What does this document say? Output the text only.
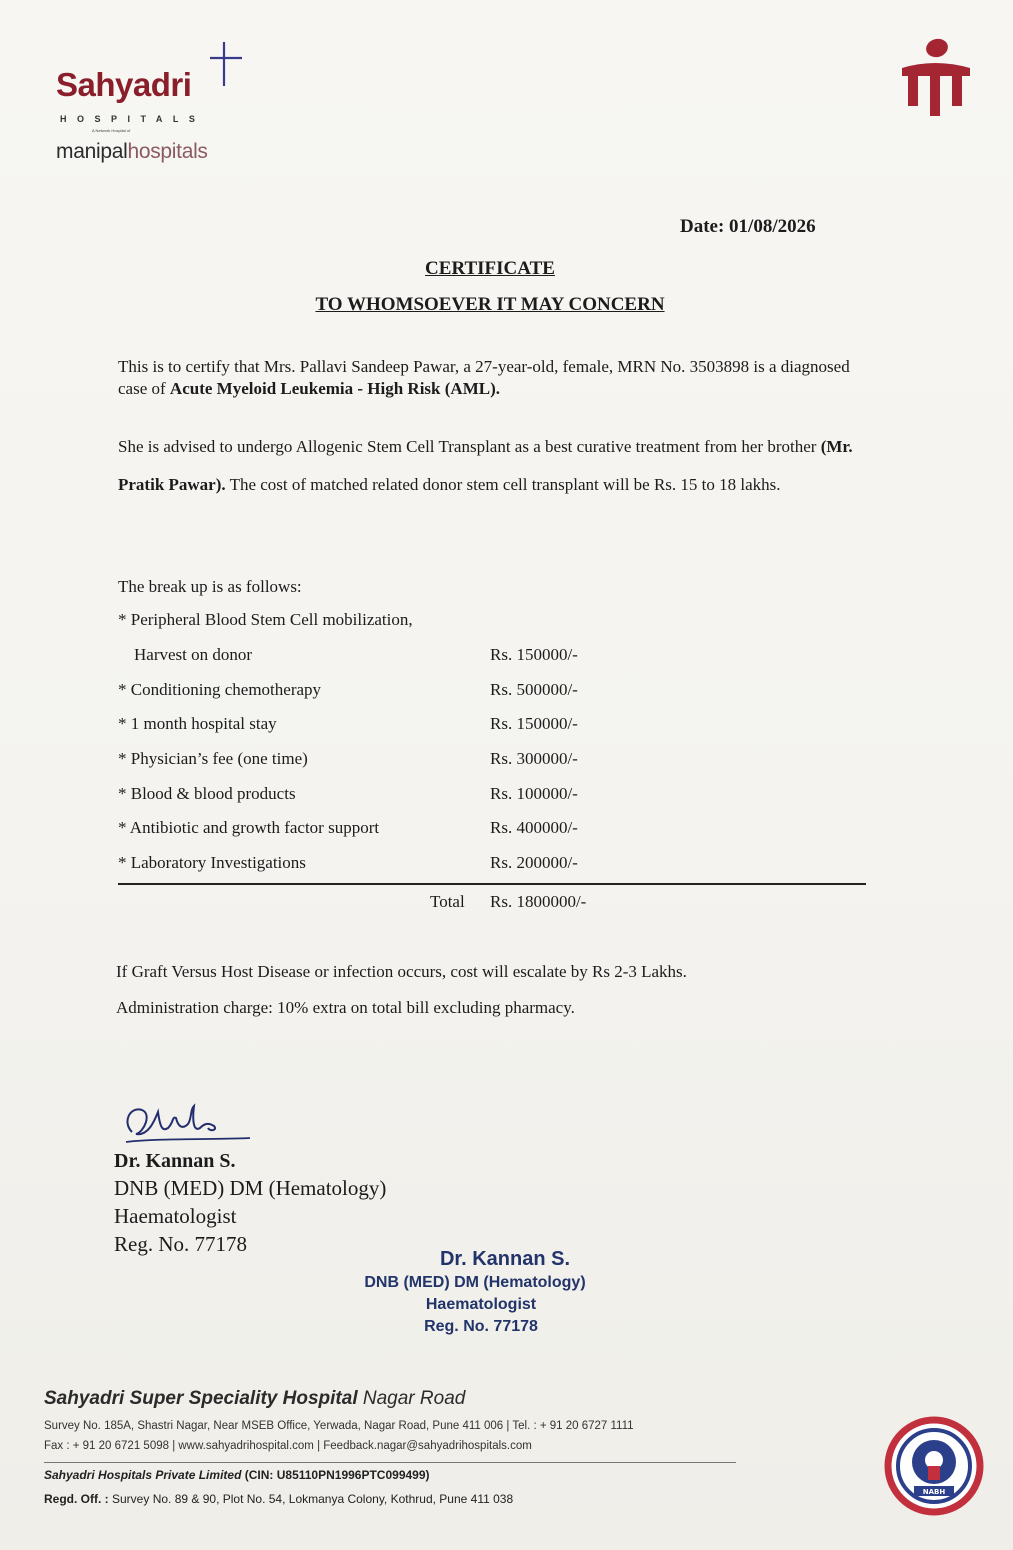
Sahyadri
HOSPITALS
A Network Hospital of
manipalhospitals
Date: 01/08/2026
CERTIFICATE
TO WHOMSOEVER IT MAY CONCERN
This is to certify that Mrs. Pallavi Sandeep Pawar, a 27-year-old, female, MRN No. 3503898 is a diagnosed case of Acute Myeloid Leukemia - High Risk (AML).
She is advised to undergo Allogenic Stem Cell Transplant as a best curative treatment from her brother (Mr. Pratik Pawar). The cost of matched related donor stem cell transplant will be Rs. 15 to 18 lakhs.
The break up is as follows:
* Peripheral Blood Stem Cell mobilization,
Harvest on donor	Rs. 150000/-
* Conditioning chemotherapy	Rs. 500000/-
* 1 month hospital stay	Rs. 150000/-
* Physician’s fee (one time)	Rs. 300000/-
* Blood & blood products	Rs. 100000/-
* Antibiotic and growth factor support	Rs. 400000/-
* Laboratory Investigations	Rs. 200000/-
Total Rs. 1800000/-
If Graft Versus Host Disease or infection occurs, cost will escalate by Rs 2-3 Lakhs.
Administration charge: 10% extra on total bill excluding pharmacy.
Dr. Kannan S.
DNB (MED) DM (Hematology)
Haematologist
Reg. No. 77178
Dr. Kannan S.
DNB (MED) DM (Hematology)
Haematologist
Reg. No. 77178
Sahyadri Super Speciality Hospital Nagar Road
Survey No. 185A, Shastri Nagar, Near MSEB Office, Yerwada, Nagar Road, Pune 411 006 | Tel. : + 91 20 6727 1111
Fax : + 91 20 6721 5098 | www.sahyadrihospital.com | Feedback.nagar@sahyadrihospitals.com
Sahyadri Hospitals Private Limited (CIN: U85110PN1996PTC099499)
Regd. Off. : Survey No. 89 & 90, Plot No. 54, Lokmanya Colony, Kothrud, Pune 411 038	NABH
